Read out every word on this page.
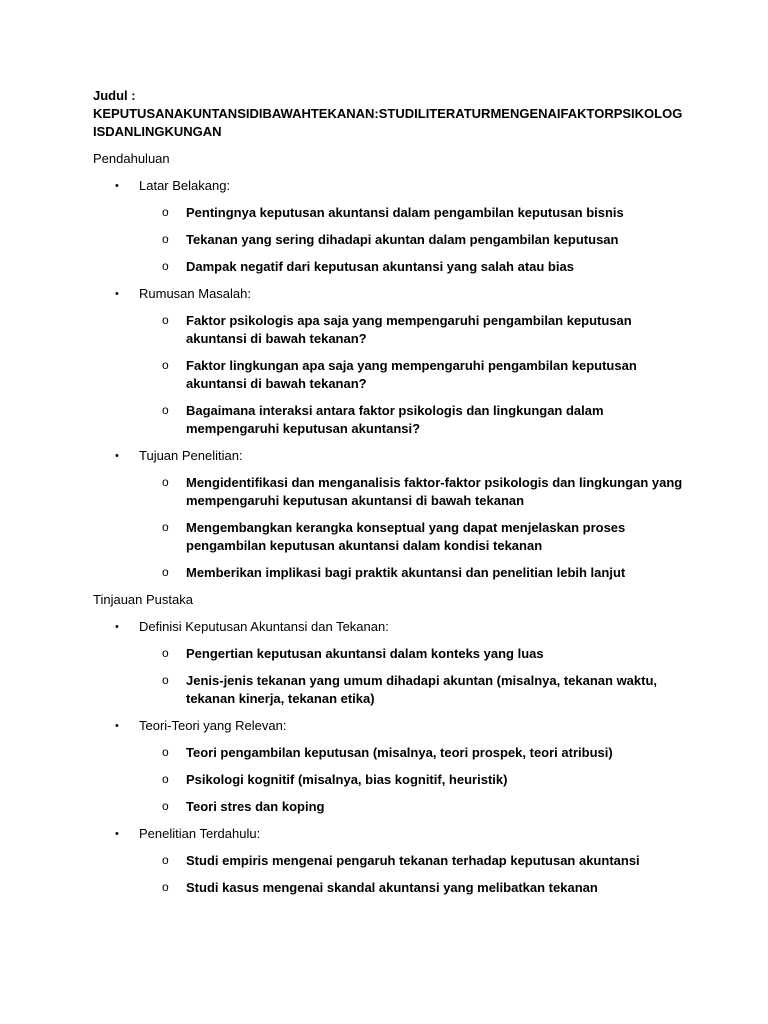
Judul :

KEPUTUSANAKUNTANSIDIBAWAHTEKANAN:STUDILITERATURMENGENAIFAKTORPSIKOLOGISDANLINGKUNGAN

Pendahuluan

• Latar Belakang:
o Pentingnya keputusan akuntansi dalam pengambilan keputusan bisnis
o Tekanan yang sering dihadapi akuntan dalam pengambilan keputusan
o Dampak negatif dari keputusan akuntansi yang salah atau bias
• Rumusan Masalah:
o Faktor psikologis apa saja yang mempengaruhi pengambilan keputusan akuntansi di bawah tekanan?
o Faktor lingkungan apa saja yang mempengaruhi pengambilan keputusan akuntansi di bawah tekanan?
o Bagaimana interaksi antara faktor psikologis dan lingkungan dalam mempengaruhi keputusan akuntansi?
• Tujuan Penelitian:
o Mengidentifikasi dan menganalisis faktor-faktor psikologis dan lingkungan yang mempengaruhi keputusan akuntansi di bawah tekanan
o Mengembangkan kerangka konseptual yang dapat menjelaskan proses pengambilan keputusan akuntansi dalam kondisi tekanan
o Memberikan implikasi bagi praktik akuntansi dan penelitian lebih lanjut

Tinjauan Pustaka

• Definisi Keputusan Akuntansi dan Tekanan:
o Pengertian keputusan akuntansi dalam konteks yang luas
o Jenis-jenis tekanan yang umum dihadapi akuntan (misalnya, tekanan waktu, tekanan kinerja, tekanan etika)
• Teori-Teori yang Relevan:
o Teori pengambilan keputusan (misalnya, teori prospek, teori atribusi)
o Psikologi kognitif (misalnya, bias kognitif, heuristik)
o Teori stres dan koping
• Penelitian Terdahulu:
o Studi empiris mengenai pengaruh tekanan terhadap keputusan akuntansi
o Studi kasus mengenai skandal akuntansi yang melibatkan tekanan
